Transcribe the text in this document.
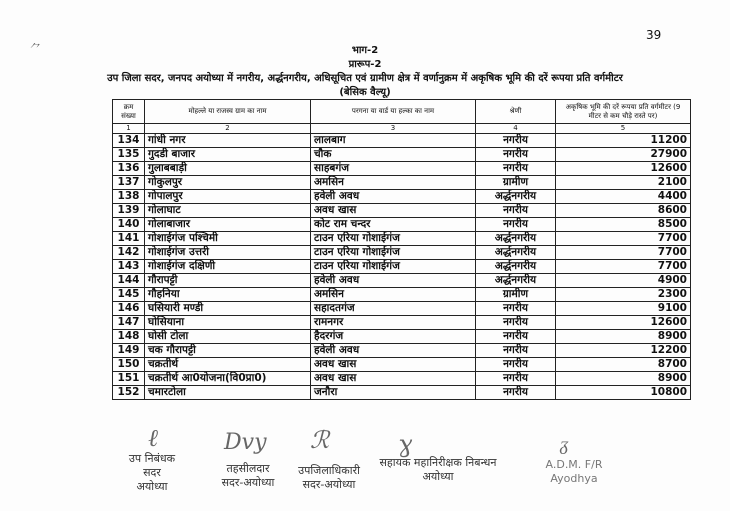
39
⺈	भाग-2
प्रारूप-2
उप जिला सदर, जनपद अयोध्या में नगरीय, अर्द्धनगरीय, अधिसूचित एवं ग्रामीण क्षेत्र में वर्णानुक्रम में अकृषिक भूमि की दरें रूपया प्रति वर्गमीटर
(बेसिक वैल्यू)
क्रम संख्या	मोहल्ले या राजस्व ग्राम का नाम	परगना या वार्ड या हल्का का नाम	श्रेणी	अकृषिक भूमि की दरें रूपया प्रति वर्गमीटर (9 मीटर से कम चौड़े रास्ते पर)
1	2	3	4	5
134	गांधी नगर	लालबाग	नगरीय	11200
135	गुदडी बाजार	चौक	नगरीय	27900
136	गुलाबबाड़ी	साहबगंज	नगरीय	12600
137	गोकुलपुर	अमसिन	ग्रामीण	2100
138	गोपालपुर	हवेली अवध	अर्द्धनगरीय	4400
139	गोलाघाट	अवध खास	नगरीय	8600
140	गोलाबाजार	कोट राम चन्दर	नगरीय	8500
141	गोशाईगंज पश्चिमी	टाउन एरिया गोशाईगंज	अर्द्धनगरीय	7700
142	गोशाईगंज उत्तरी	टाउन एरिया गोशाईगंज	अर्द्धनगरीय	7700
143	गोशाईगंज दक्षिणी	टाउन एरिया गोशाईगंज	अर्द्धनगरीय	7700
144	गौरापट्टी	हवेली अवध	अर्द्धनगरीय	4900
145	गौहनिया	अमसिन	ग्रामीण	2300
146	घसियारी मण्डी	सहादतगंज	नगरीय	9100
147	घोसियाना	रामनगर	नगरीय	12600
148	घोसी टोला	हैदरगंज	नगरीय	8900
149	चक गौरापट्टी	हवेली अवध	नगरीय	12200
150	चक्रतीर्थ	अवध खास	नगरीय	8700
151	चक्रतीर्थ आ0योजना(वि0प्रा0)	अवध खास	नगरीय	8900
152	चमारटोला	जनौरा	नगरीय	10800
ℓ
उप निबंधक
सदर
अयोध्या
Dvy
तहसीलदार
सदर-अयोध्या
ℛ
उपजिलाधिकारी
सदर-अयोध्या
ɣ
सहायक महानिरीक्षक निबन्धन
अयोध्या
ᵹ
A.D.M. F/R
Ayodhya
